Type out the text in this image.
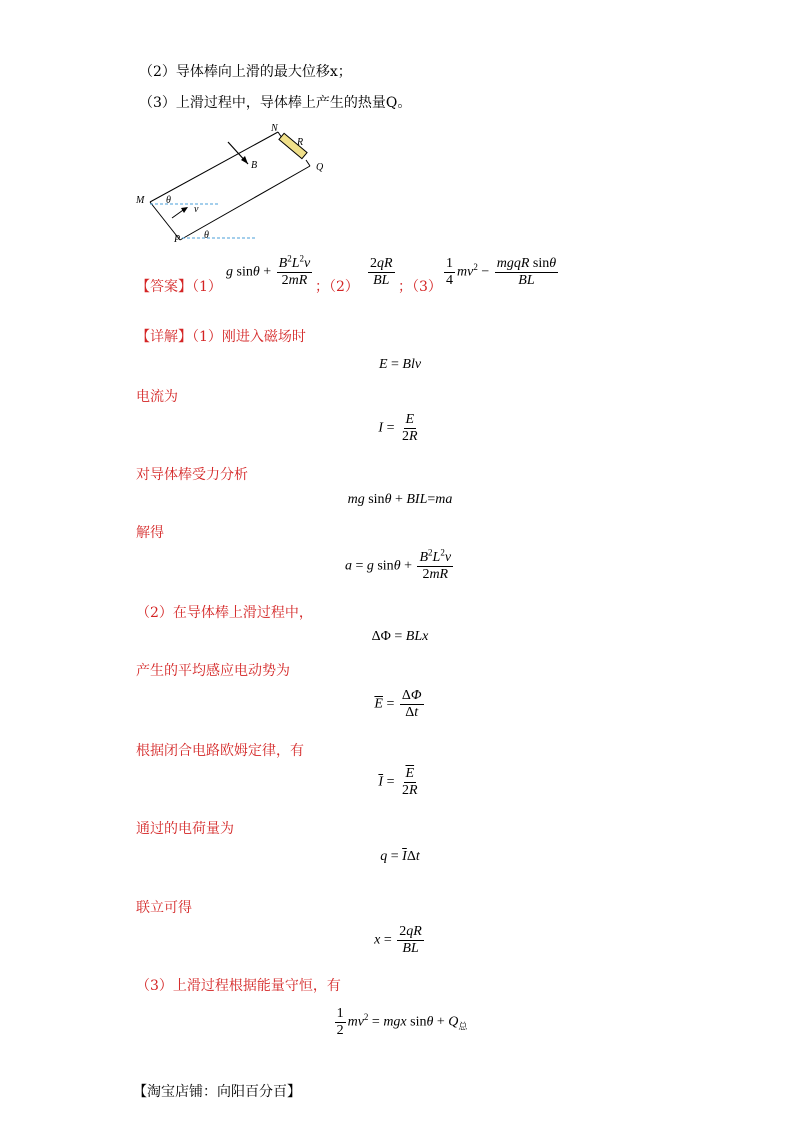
（2）导体棒向上滑的最大位移x；
（3）上滑过程中，导体棒上产生的热量Q。
N
R
B	Q
M θ
v
P θ
【答案】（1）
g $\sin\theta + \frac{B^2L^2v}{2mR}$ ；$(2) \frac{2qR}{BL}$ ；$(3) \frac{1}{4} mv^2 - \frac{\text{mgqR sinθ}}{BL}$
【详解】（1）刚进入磁场时
E = Blv
电流为
$I = \frac{E}{2R}$
对导体棒受力分析
mg sinθ + BIL=ma
解得
a = g $\sin\theta + \frac{B^2L^2v}{2mR}$
（2）在导体棒上滑过程中，
ΔΦ = BLx
产生的平均感应电动势为
$\overline{E} = \frac{\Delta\Phi}{\Delta t}$
根据闭合电路欧姆定律，有
$\overline{I} = \frac{\overline{E}}{2R}$
通过的电荷量为
$q = \overline{I}\Delta t$
联立可得
$x = \frac{2qR}{BL}$
（3）上滑过程根据能量守恒，有
$\frac{1}{2} mv^2$ = mgx $\sin\theta + Q_总$
【淘宝店铺：向阳百分百】
